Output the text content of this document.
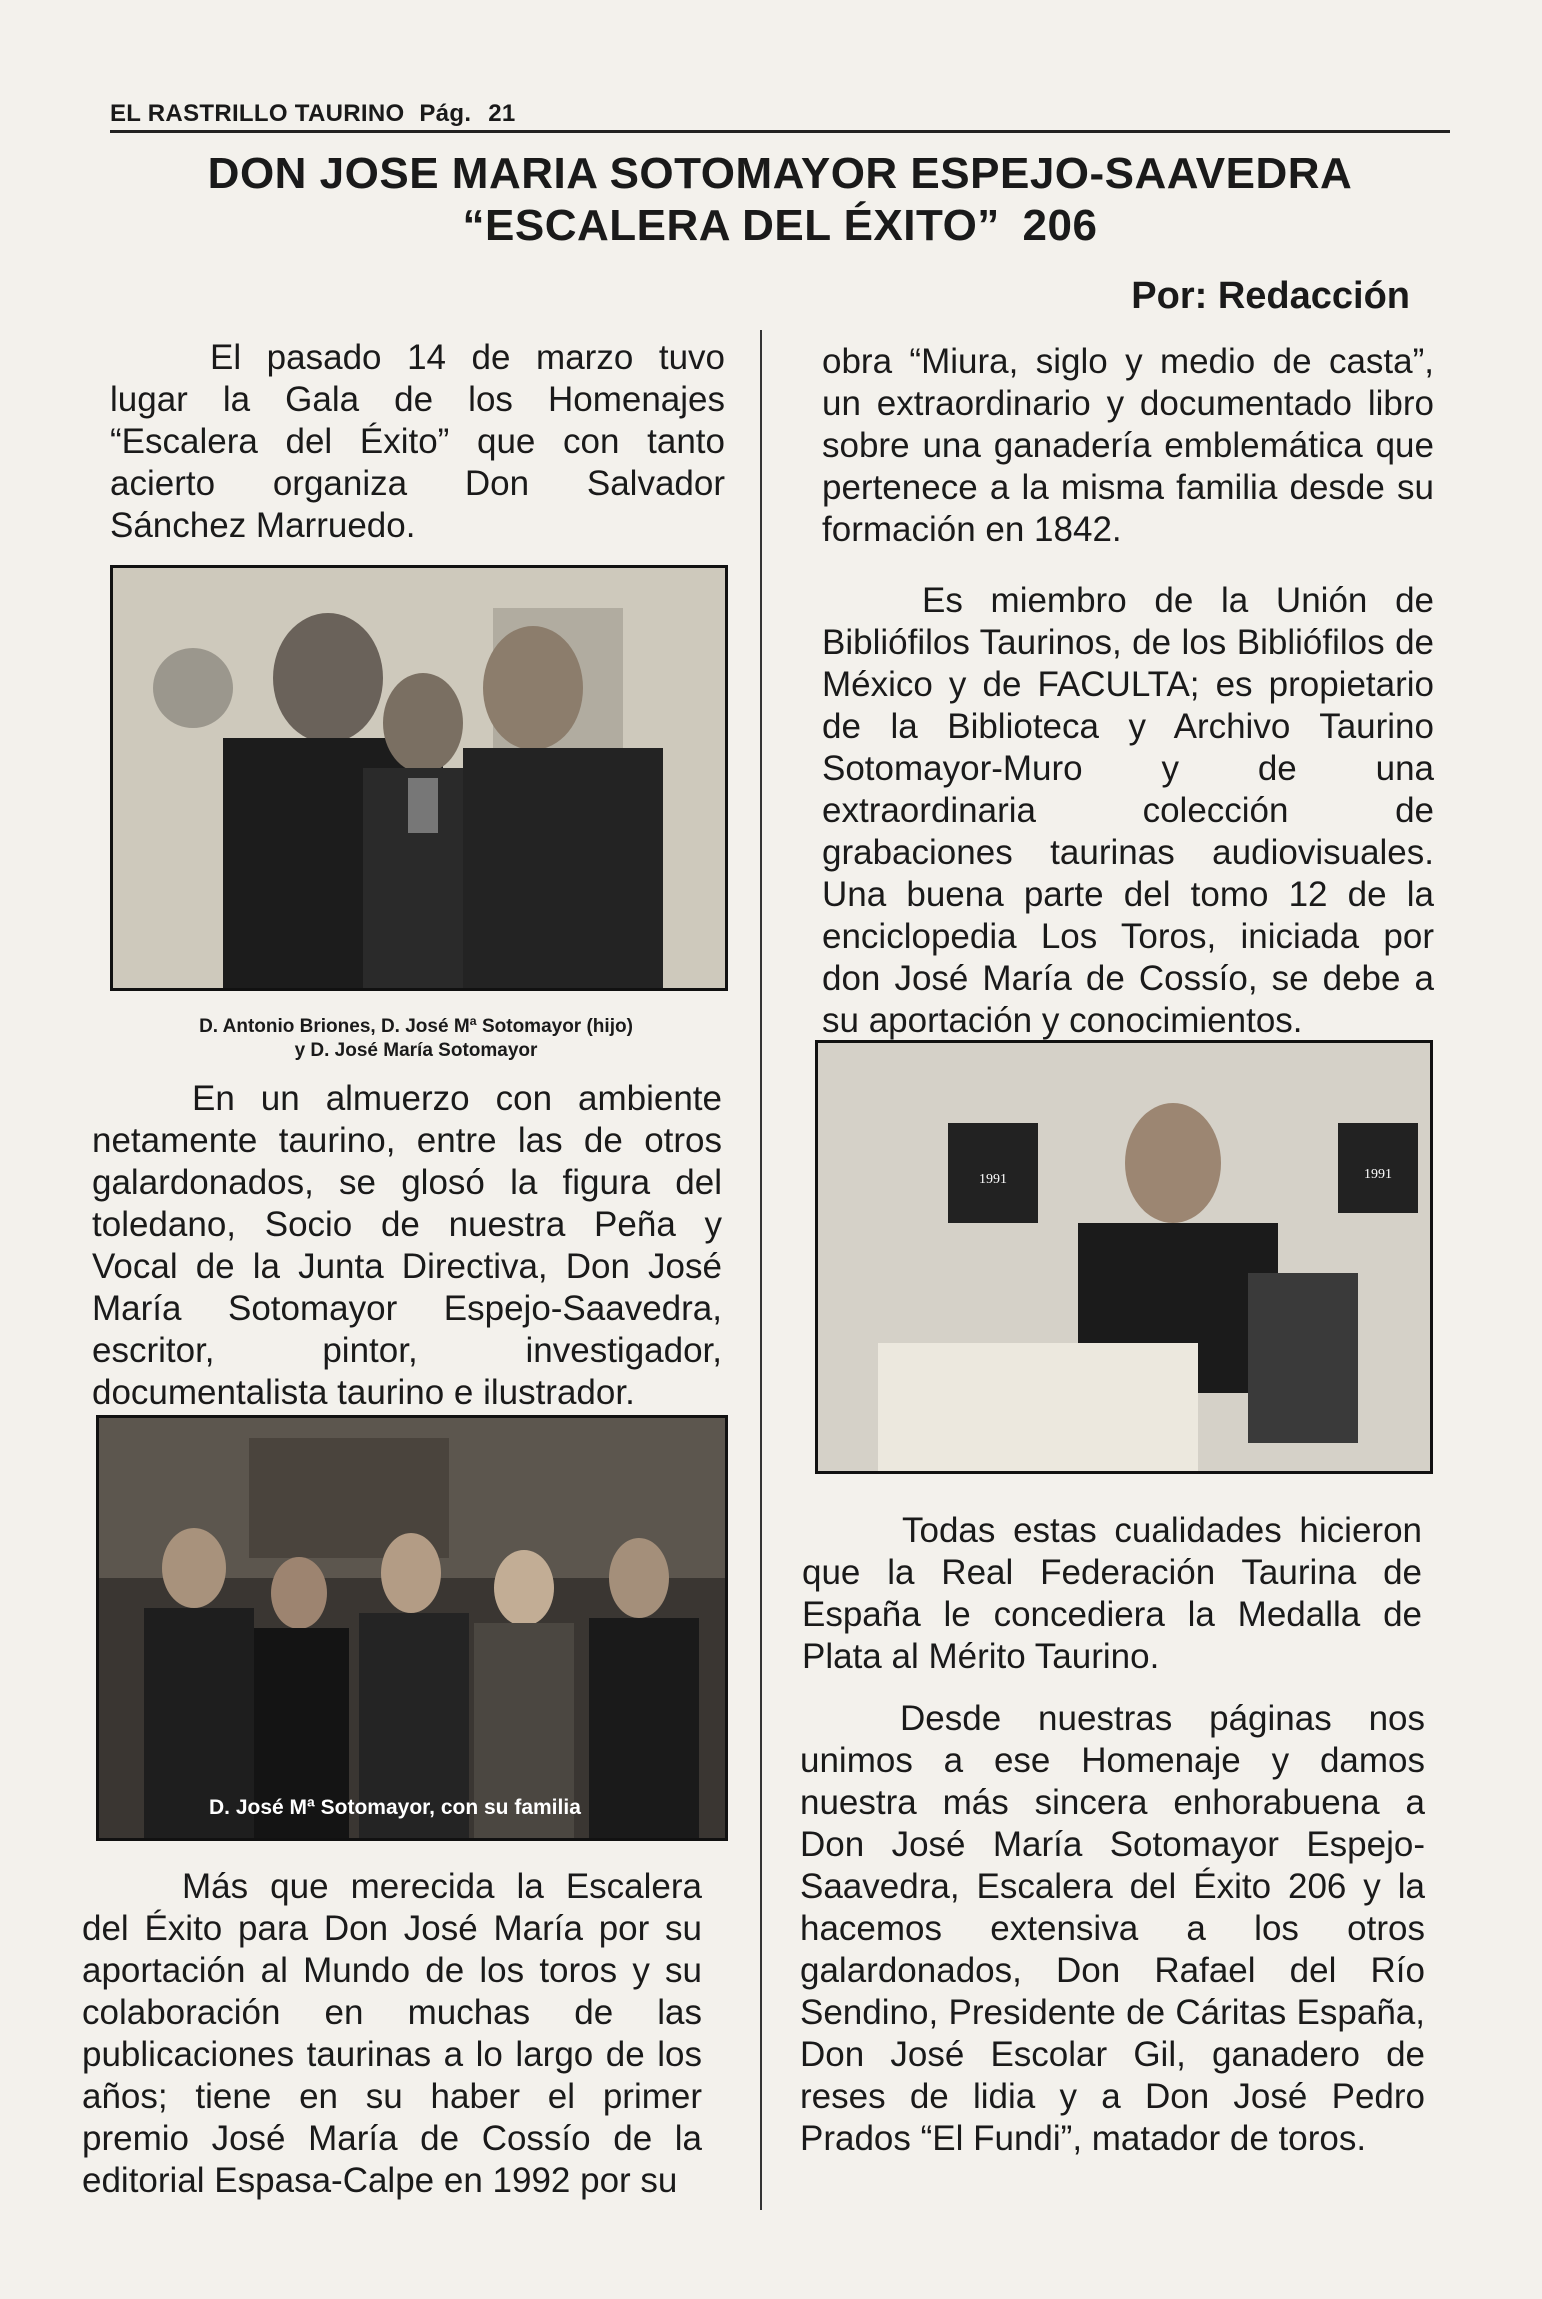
EL RASTRILLO TAURINO Pág. 21
DON JOSE MARIA SOTOMAYOR ESPEJO-SAAVEDRA
“ESCALERA DEL ÉXITO” 206
Por: Redacción

El pasado 14 de marzo tuvo lugar la Gala de los Homenajes “Escalera del Éxito” que con tanto acierto organiza Don Salvador Sánchez Marruedo.

D. Antonio Briones, D. José Mª Sotomayor (hijo)
y D. José María Sotomayor

En un almuerzo con ambiente netamente taurino, entre las de otros galardonados, se glosó la figura del toledano, Socio de nuestra Peña y Vocal de la Junta Directiva, Don José María Sotomayor Espejo-Saavedra, escritor, pintor, investigador, documentalista taurino e ilustrador.

D. José Mª Sotomayor, con su familia

Más que merecida la Escalera del Éxito para Don José María por su aportación al Mundo de los toros y su colaboración en muchas de las publicaciones taurinas a lo largo de los años; tiene en su haber el primer premio José María de Cossío de la editorial Espasa-Calpe en 1992 por su

obra “Miura, siglo y medio de casta”, un extraordinario y documentado libro sobre una ganadería emblemática que pertenece a la misma familia desde su formación en 1842.

Es miembro de la Unión de Bibliófilos Taurinos, de los Bibliófilos de México y de FACULTA; es propietario de la Biblioteca y Archivo Taurino Sotomayor-Muro y de una extraordinaria colección de grabaciones taurinas audiovisuales. Una buena parte del tomo 12 de la enciclopedia Los Toros, iniciada por don José María de Cossío, se debe a su aportación y conocimientos.

1991	1991

Todas estas cualidades hicieron que la Real Federación Taurina de España le concediera la Medalla de Plata al Mérito Taurino.

Desde nuestras páginas nos unimos a ese Homenaje y damos nuestra más sincera enhorabuena a Don José María Sotomayor Espejo-Saavedra, Escalera del Éxito 206 y la hacemos extensiva a los otros galardonados, Don Rafael del Río Sendino, Presidente de Cáritas España, Don José Escolar Gil, ganadero de reses de lidia y a Don José Pedro Prados “El Fundi”, matador de toros.
